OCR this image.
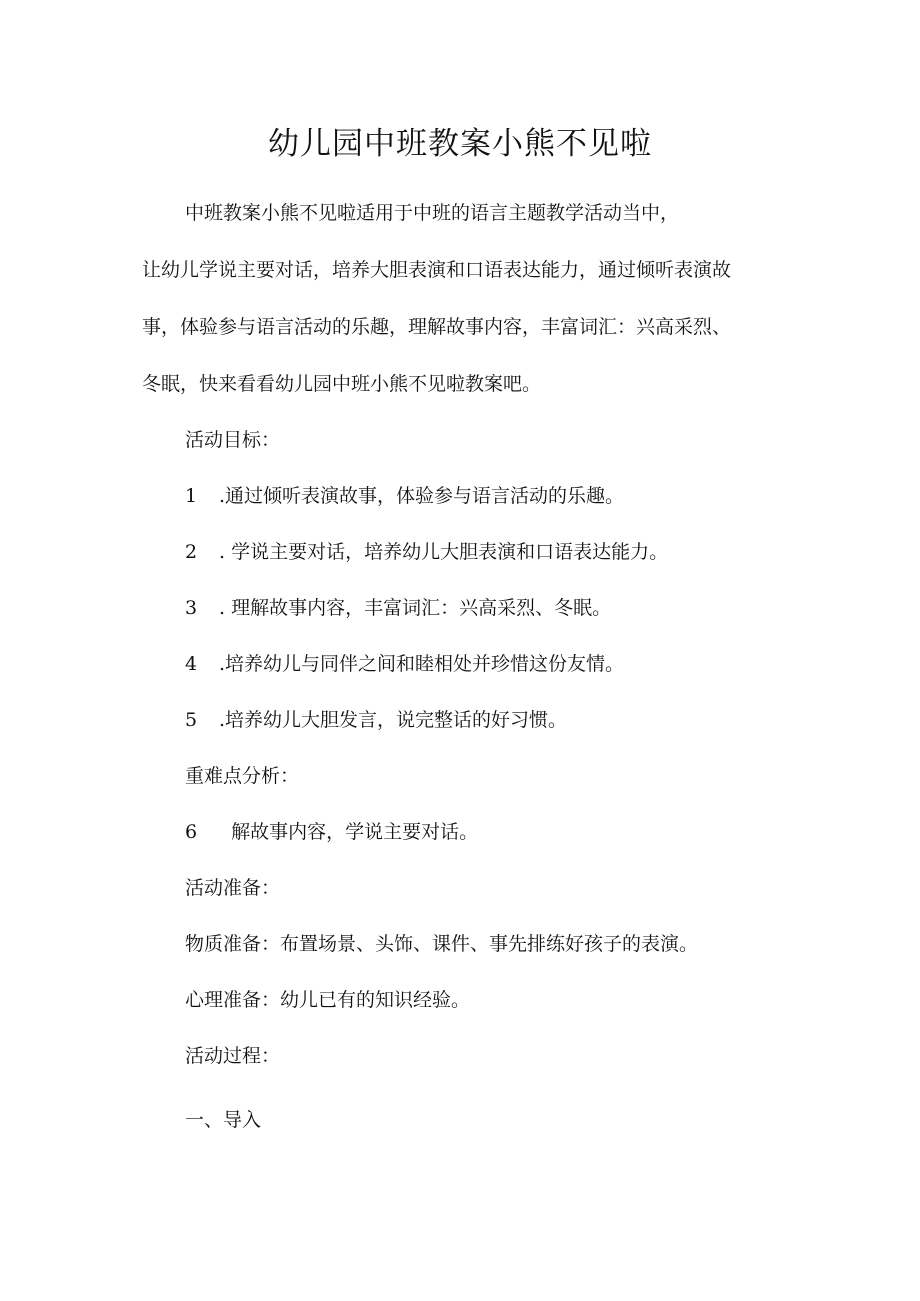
幼儿园中班教案小熊不见啦

中班教案小熊不见啦适用于中班的语言主题教学活动当中，

让幼儿学说主要对话，培养大胆表演和口语表达能力，通过倾听表演故

事，体验参与语言活动的乐趣，理解故事内容，丰富词汇：兴高采烈、

冬眠，快来看看幼儿园中班小熊不见啦教案吧。

活动目标：

1 .通过倾听表演故事，体验参与语言活动的乐趣。

2 . 学说主要对话，培养幼儿大胆表演和口语表达能力。

3 . 理解故事内容，丰富词汇：兴高采烈、冬眠。

4 .培养幼儿与同伴之间和睦相处并珍惜这份友情。

5 .培养幼儿大胆发言，说完整话的好习惯。

重难点分析：

6  解故事内容，学说主要对话。

活动准备：

物质准备：布置场景、头饰、课件、事先排练好孩子的表演。

心理准备：幼儿已有的知识经验。

活动过程：

一、导入
